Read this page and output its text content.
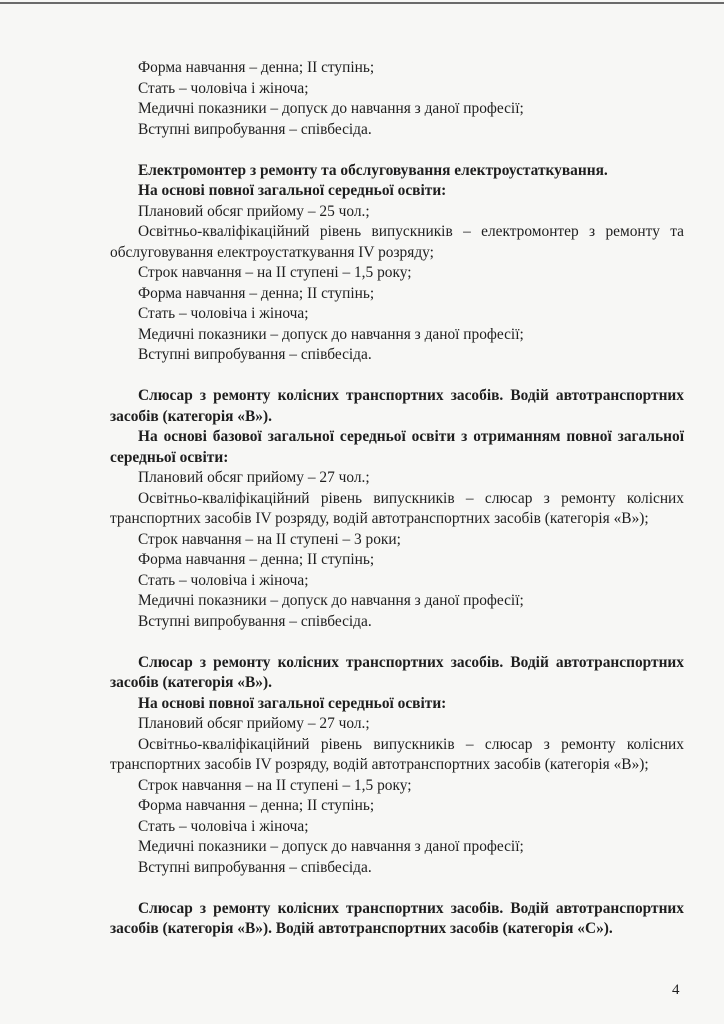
Форма навчання – денна; ІІ ступінь;

Стать – чоловіча і жіноча;

Медичні показники – допуск до навчання з даної професії;

Вступні випробування – співбесіда.

Електромонтер з ремонту та обслуговування електроустаткування.

На основі повної загальної середньої освіти:

Плановий обсяг прийому – 25 чол.;

Освітньо-кваліфікаційний рівень випускників – електромонтер з ремонту та обслуговування електроустаткування IV розряду;

Строк навчання – на ІІ ступені – 1,5 року;

Форма навчання – денна; ІІ ступінь;

Стать – чоловіча і жіноча;

Медичні показники – допуск до навчання з даної професії;

Вступні випробування – співбесіда.

Слюсар з ремонту колісних транспортних засобів. Водій автотранспортних засобів (категорія «В»).

На основі базової загальної середньої освіти з отриманням повної загальної середньої освіти:

Плановий обсяг прийому – 27 чол.;

Освітньо-кваліфікаційний рівень випускників – слюсар з ремонту колісних транспортних засобів IV розряду, водій автотранспортних засобів (категорія «В»);

Строк навчання – на ІІ ступені – 3 роки;

Форма навчання – денна; ІІ ступінь;

Стать – чоловіча і жіноча;

Медичні показники – допуск до навчання з даної професії;

Вступні випробування – співбесіда.

Слюсар з ремонту колісних транспортних засобів. Водій автотранспортних засобів (категорія «В»).

На основі повної загальної середньої освіти:

Плановий обсяг прийому – 27 чол.;

Освітньо-кваліфікаційний рівень випускників – слюсар з ремонту колісних транспортних засобів IV розряду, водій автотранспортних засобів (категорія «В»);

Строк навчання – на ІІ ступені – 1,5 року;

Форма навчання – денна; ІІ ступінь;

Стать – чоловіча і жіноча;

Медичні показники – допуск до навчання з даної професії;

Вступні випробування – співбесіда.

Слюсар з ремонту колісних транспортних засобів. Водій автотранспортних засобів (категорія «В»). Водій автотранспортних засобів (категорія «С»).

4
